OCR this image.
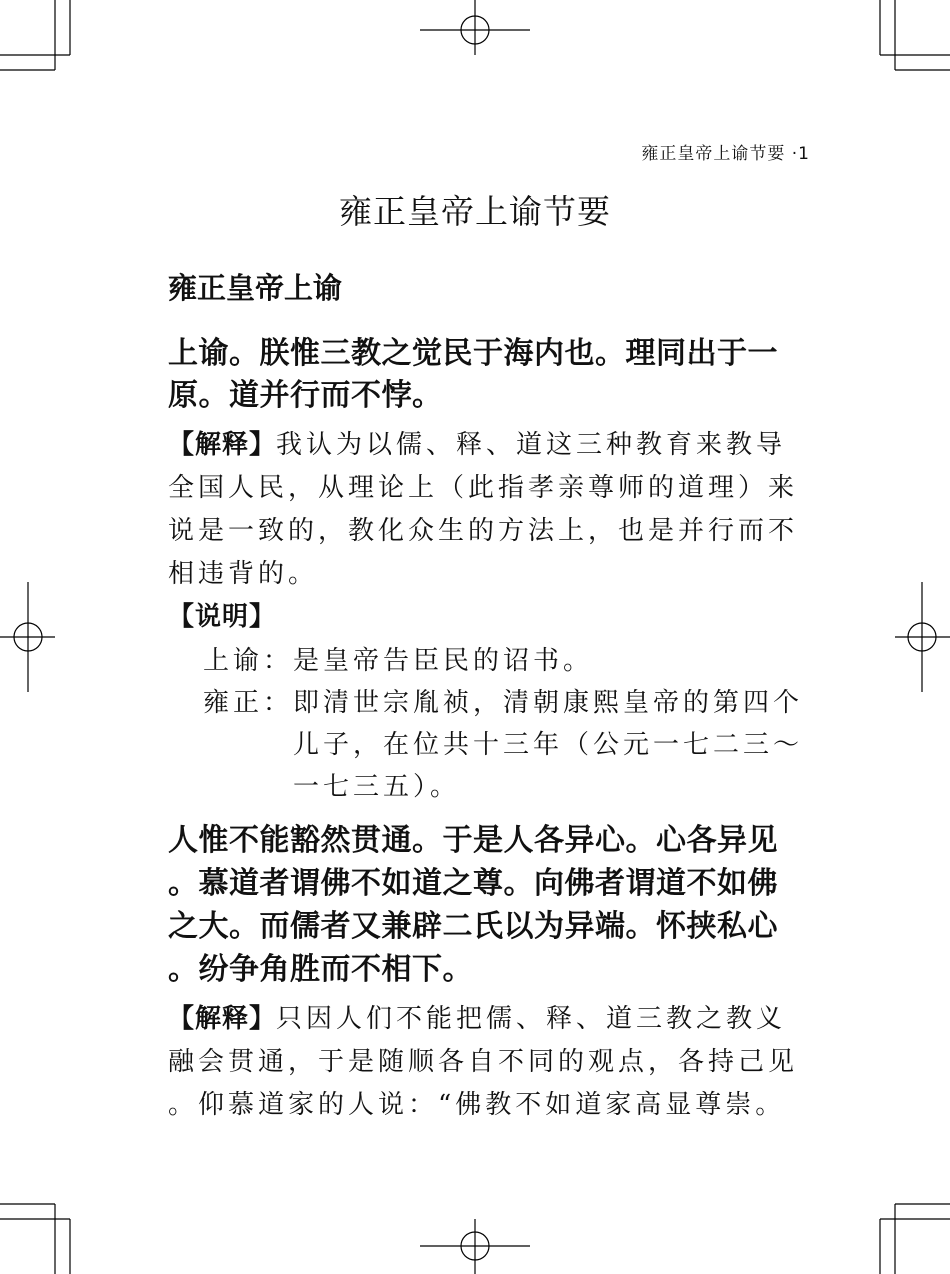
雍正皇帝上谕节要 ·1
雍正皇帝上谕节要
雍正皇帝上谕
上谕。朕惟三教之觉民于海内也。理同出于一
原。道并行而不悖。
【解释】我认为以儒、释、道这三种教育来教导
全国人民，从理论上（此指孝亲尊师的道理）来
说是一致的，教化众生的方法上，也是并行而不
相违背的。
【说明】
上谕：是皇帝告臣民的诏书。
雍正：即清世宗胤祯，清朝康熙皇帝的第四个
儿子，在位共十三年（公元一七二三～
一七三五）。
人惟不能豁然贯通。于是人各异心。心各异见
。慕道者谓佛不如道之尊。向佛者谓道不如佛
之大。而儒者又兼辟二氏以为异端。怀挟私心
。纷争角胜而不相下。
【解释】只因人们不能把儒、释、道三教之教义
融会贯通，于是随顺各自不同的观点，各持己见
。仰慕道家的人说：“佛教不如道家高显尊崇。
